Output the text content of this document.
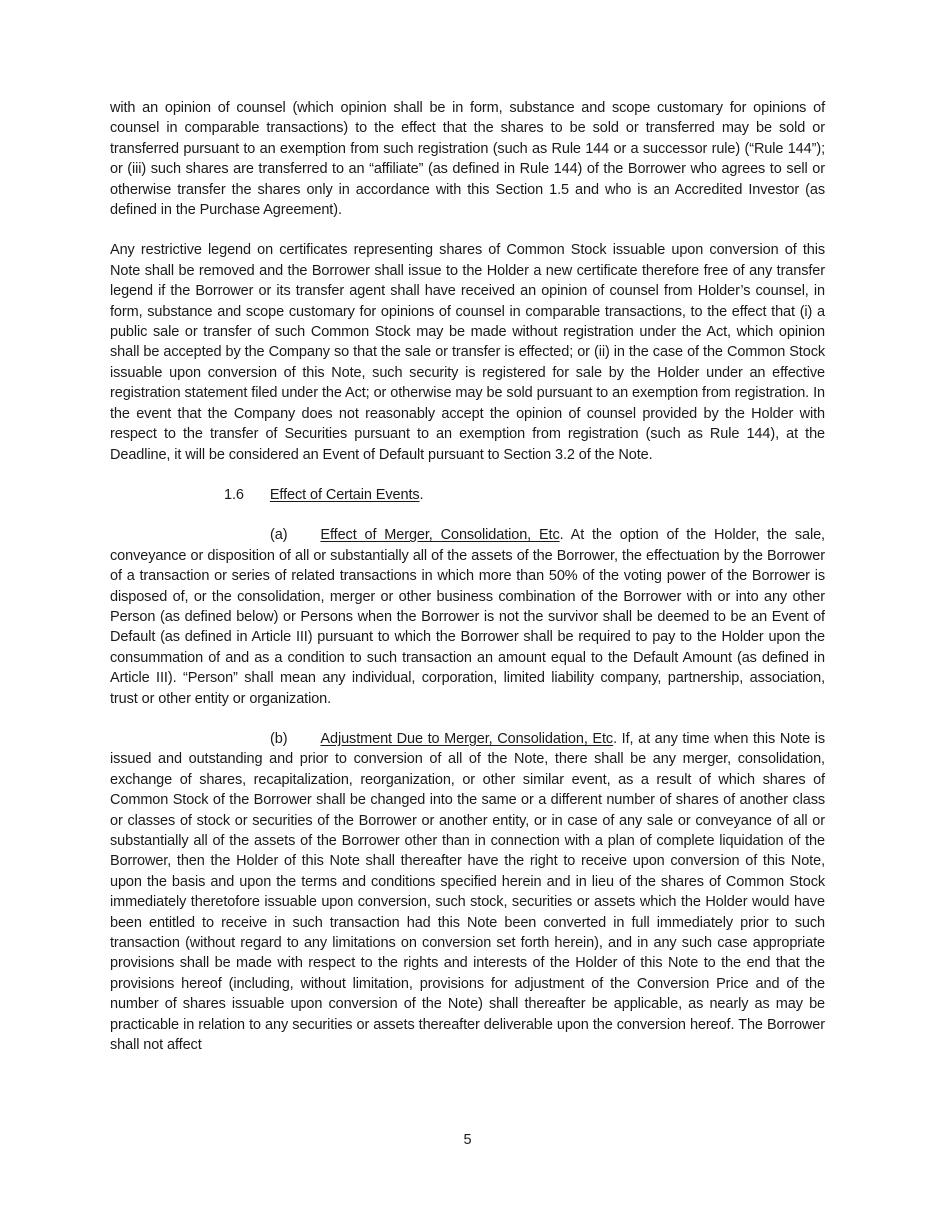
with an opinion of counsel (which opinion shall be in form, substance and scope customary for opinions of counsel in comparable transactions) to the effect that the shares to be sold or transferred may be sold or transferred pursuant to an exemption from such registration (such as Rule 144 or a successor rule) (“Rule 144”); or (iii) such shares are transferred to an “affiliate” (as defined in Rule 144) of the Borrower who agrees to sell or otherwise transfer the shares only in accordance with this Section 1.5 and who is an Accredited Investor (as defined in the Purchase Agreement).

Any restrictive legend on certificates representing shares of Common Stock issuable upon conversion of this Note shall be removed and the Borrower shall issue to the Holder a new certificate therefore free of any transfer legend if the Borrower or its transfer agent shall have received an opinion of counsel from Holder’s counsel, in form, substance and scope customary for opinions of counsel in comparable transactions, to the effect that (i) a public sale or transfer of such Common Stock may be made without registration under the Act, which opinion shall be accepted by the Company so that the sale or transfer is effected; or (ii) in the case of the Common Stock issuable upon conversion of this Note, such security is registered for sale by the Holder under an effective registration statement filed under the Act; or otherwise may be sold pursuant to an exemption from registration. In the event that the Company does not reasonably accept the opinion of counsel provided by the Holder with respect to the transfer of Securities pursuant to an exemption from registration (such as Rule 144), at the Deadline, it will be considered an Event of Default pursuant to Section 3.2 of the Note.

1.6 Effect of Certain Events.

(a) Effect of Merger, Consolidation, Etc. At the option of the Holder, the sale, conveyance or disposition of all or substantially all of the assets of the Borrower, the effectuation by the Borrower of a transaction or series of related transactions in which more than 50% of the voting power of the Borrower is disposed of, or the consolidation, merger or other business combination of the Borrower with or into any other Person (as defined below) or Persons when the Borrower is not the survivor shall be deemed to be an Event of Default (as defined in Article III) pursuant to which the Borrower shall be required to pay to the Holder upon the consummation of and as a condition to such transaction an amount equal to the Default Amount (as defined in Article III). “Person” shall mean any individual, corporation, limited liability company, partnership, association, trust or other entity or organization.

(b) Adjustment Due to Merger, Consolidation, Etc. If, at any time when this Note is issued and outstanding and prior to conversion of all of the Note, there shall be any merger, consolidation, exchange of shares, recapitalization, reorganization, or other similar event, as a result of which shares of Common Stock of the Borrower shall be changed into the same or a different number of shares of another class or classes of stock or securities of the Borrower or another entity, or in case of any sale or conveyance of all or substantially all of the assets of the Borrower other than in connection with a plan of complete liquidation of the Borrower, then the Holder of this Note shall thereafter have the right to receive upon conversion of this Note, upon the basis and upon the terms and conditions specified herein and in lieu of the shares of Common Stock immediately theretofore issuable upon conversion, such stock, securities or assets which the Holder would have been entitled to receive in such transaction had this Note been converted in full immediately prior to such transaction (without regard to any limitations on conversion set forth herein), and in any such case appropriate provisions shall be made with respect to the rights and interests of the Holder of this Note to the end that the provisions hereof (including, without limitation, provisions for adjustment of the Conversion Price and of the number of shares issuable upon conversion of the Note) shall thereafter be applicable, as nearly as may be practicable in relation to any securities or assets thereafter deliverable upon the conversion hereof. The Borrower shall not affect

5
